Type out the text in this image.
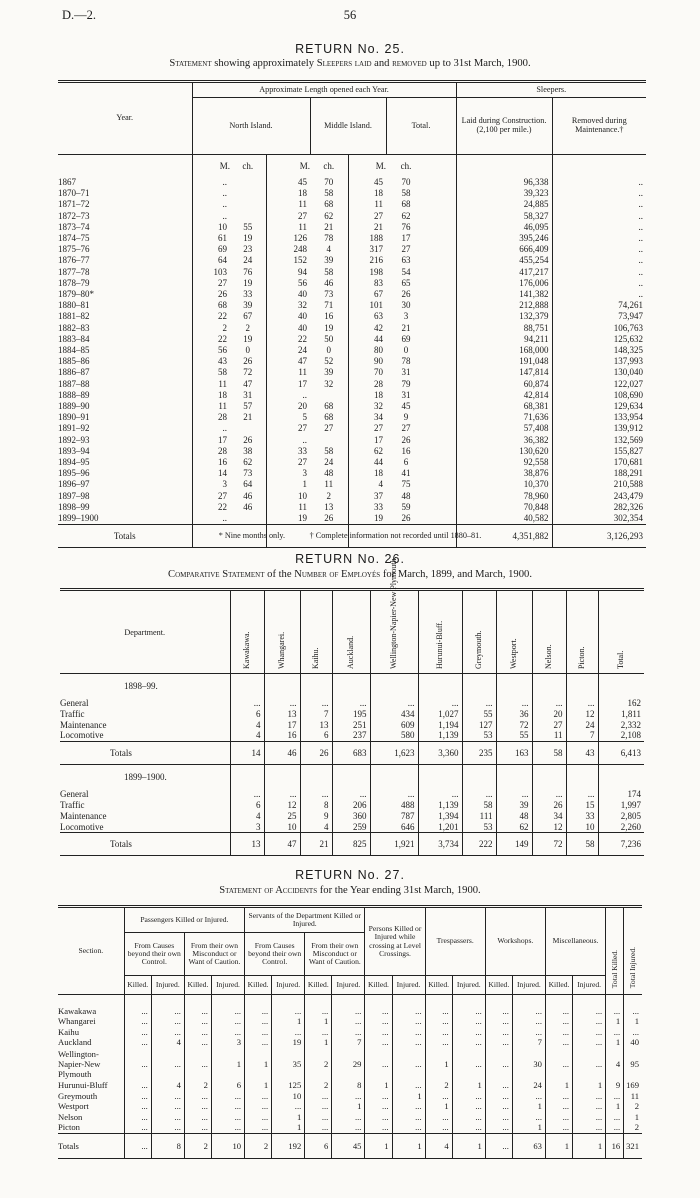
D.—2.	56
RETURN No. 25.
Statement showing approximately Sleepers laid and removed up to 31st March, 1900.
Year.	Approximate Length opened each Year.							Sleepers.	
	North Island.			Middle Island.		Total.		Laid during Construction. (2,100 per mile.)	Removed during Maintenance.†
	M.	ch.	M.	ch.	M.	ch.			
1867	..		45	70	45	70		96,338	..
1870–71	..		18	58	18	58		39,323	..
1871–72	..		11	68	11	68		24,885	..
1872–73	..		27	62	27	62		58,327	..
1873–74	10	55	11	21	21	76		46,095	..
1874–75	61	19	126	78	188	17		395,246	..
1875–76	69	23	248	4	317	27		666,409	..
1876–77	64	24	152	39	216	63		455,254	..
1877–78	103	76	94	58	198	54		417,217	..
1878–79	27	19	56	46	83	65		176,006	..
1879–80*	26	33	40	73	67	26		141,382	..
1880–81	68	39	32	71	101	30		212,888	74,261
1881–82	22	67	40	16	63	3		132,379	73,947
1882–83	2	2	40	19	42	21		88,751	106,763
1883–84	22	19	22	50	44	69		94,211	125,632
1884–85	56	0	24	0	80	0		168,000	148,325
1885–86	43	26	47	52	90	78		191,048	137,993
1886–87	58	72	11	39	70	31		147,814	130,040
1887–88	11	47	17	32	28	79		60,874	122,027
1888–89	18	31	..		18	31		42,814	108,690
1889–90	11	57	20	68	32	45		68,381	129,634
1890–91	28	21	5	68	34	9		71,636	133,954
1891–92	..		27	27	27	27		57,408	139,912
1892–93	17	26	..		17	26		36,382	132,569
1893–94	28	38	33	58	62	16		130,620	155,827
1894–95	16	62	27	24	44	6		92,558	170,681
1895–96	14	73	3	48	18	41		38,876	188,291
1896–97	3	64	1	11	4	75		10,370	210,588
1897–98	27	46	10	2	37	48		78,960	243,479
1898–99	22	46	11	13	33	59		70,848	282,326
1899–1900	..		19	26	19	26		40,582	302,354
Totals								4,351,882	3,126,293
* Nine months only.	† Complete information not recorded until 1880–81.
RETURN No. 26.
Comparative Statement of the Number of Employés for March, 1899, and March, 1900.
Department.	Kawakawa.	Whangarei.	Kaihu.	Auckland.	Wellington-Napier-New Plymouth.	Hurunui-Bluff.	Greymouth.	Westport.	Nelson.	Picton.	Total.

1898–99.											
General	...	...	...	...	...	...	...	...	...	...	162
Traffic	6	13	7	195	434	1,027	55	36	20	12	1,811
Maintenance	4	17	13	251	609	1,194	127	72	27	24	2,332
Locomotive	4	16	6	237	580	1,139	53	55	11	7	2,108
Totals	14	46	26	683	1,623	3,360	235	163	58	43	6,413
1899–1900.											
General	...	...	...	...	...	...	...	...	...	...	174
Traffic	6	12	8	206	488	1,139	58	39	26	15	1,997
Maintenance	4	25	9	360	787	1,394	111	48	34	33	2,805
Locomotive	3	10	4	259	646	1,201	53	62	12	10	2,260
Totals	13	47	21	825	1,921	3,734	222	149	72	58	7,236
RETURN No. 27.
Statement of Accidents for the Year ending 31st March, 1900.
Section.	Passengers Killed or Injured.				Servants of the Department Killed or Injured.				Persons Killed or Injured while crossing at Level Crossings.		Trespassers.		Workshops.		Miscellaneous.		Total Killed.	Total Injured.

	From Causes beyond their own Control.		From their own Misconduct or Want of Caution.		From Causes beyond their own Control.		From their own Misconduct or Want of Caution.											
	Killed.	Injured.	Killed.	Injured.	Killed.	Injured.	Killed.	Injured.	Killed.	Injured.	Killed.	Injured.	Killed.	Injured.	Killed.	Injured.		

Kawakawa	...	...	...	...	...	...	...	...	...	...	...	...	...	...	...	...	...	...
Whangarei	...	...	...	...	...	1	1	...	...	...	...	...	...	...	...	...	1	1
Kaihu	...	...	...	...	...	...	...	...	...	...	...	...	...	...	...	...	...	...
Auckland	...	4	...	3	...	19	1	7	...	...	...	...	...	7	...	...	1	40
Wellington-Napier-New Plymouth	...	...	...	1	1	35	2	29	...	...	1	...	...	30	...	...	4	95
Hurunui-Bluff	...	4	2	6	1	125	2	8	1	...	2	1	...	24	1	1	9	169
Greymouth	...	...	...	...	...	10	...	...	...	1	...	...	...	...	...	...	...	11
Westport	...	...	...	...	...	...	...	1	...	...	1	...	...	1	...	...	1	2
Nelson	...	...	...	...	...	1	...	...	...	...	...	...	...	...	...	...	...	1
Picton	...	...	...	...	...	1	...	...	...	...	...	...	...	1	...	...	...	2
Totals	...	8	2	10	2	192	6	45	1	1	4	1	...	63	1	1	16	321
